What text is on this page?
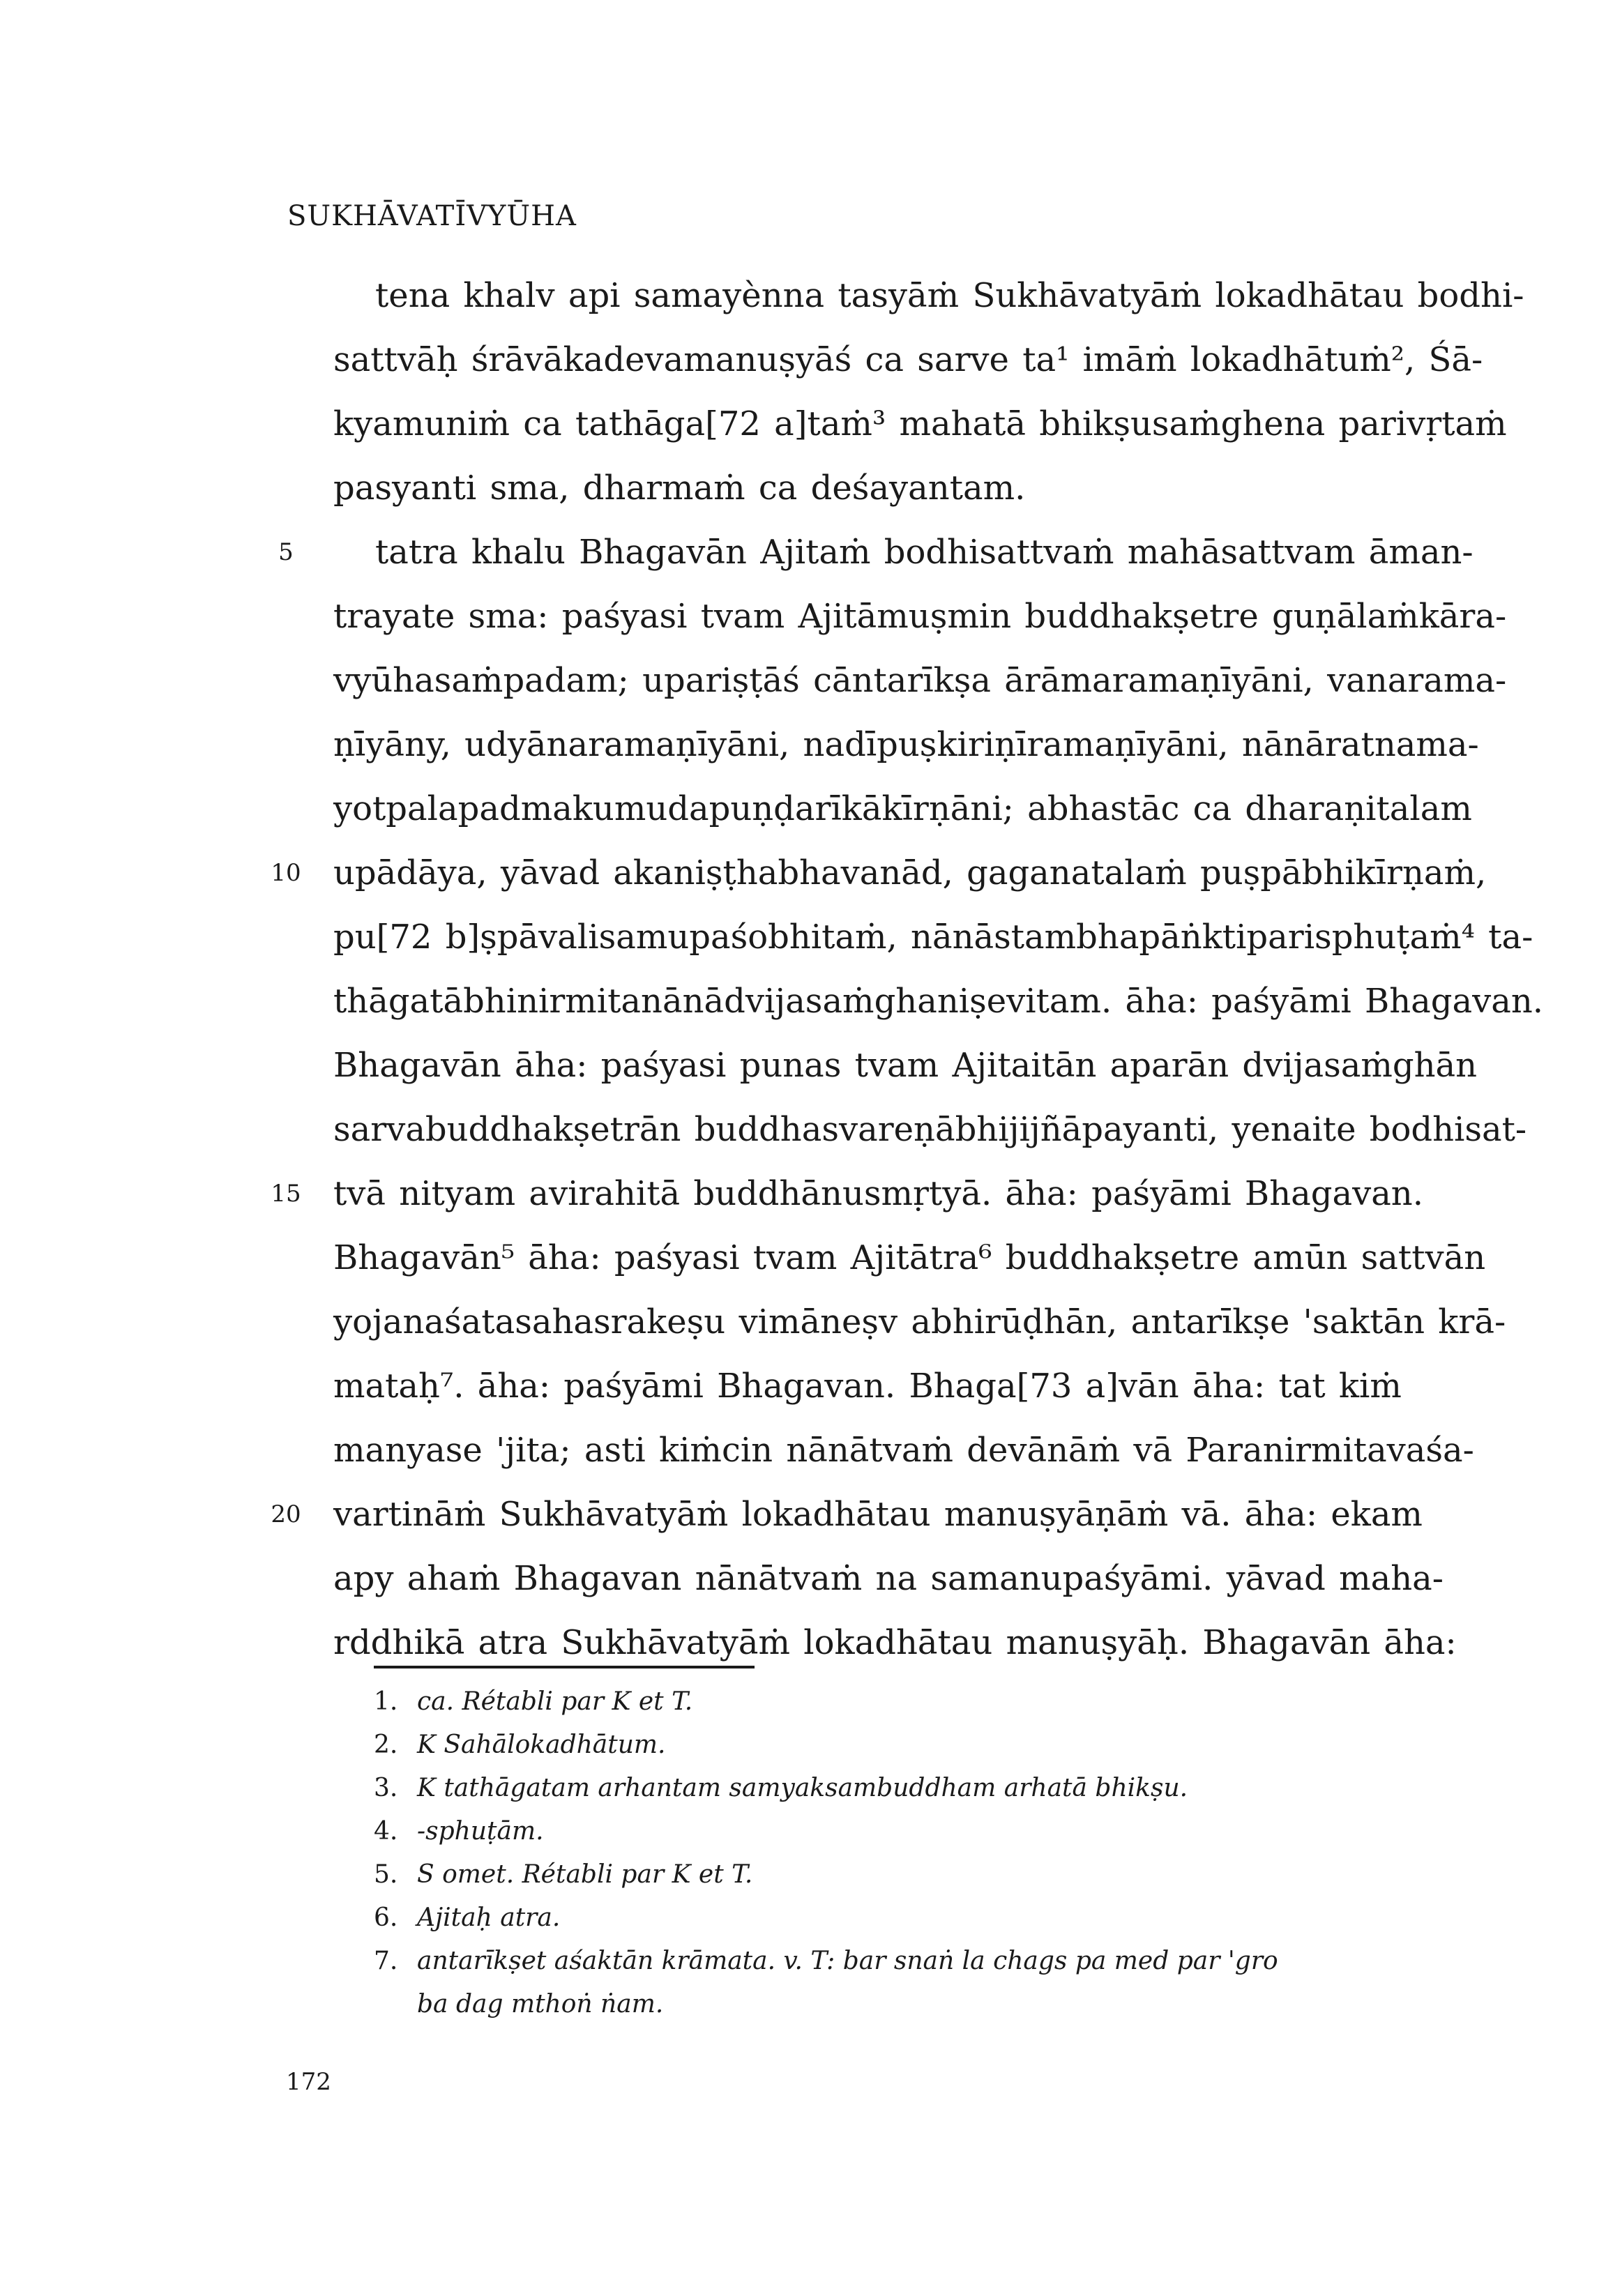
SUKHĀVATĪVYŪHA
5
10
15
20
tena khalv api samayènna tasyāṁ Sukhāvatyāṁ lokadhātau bodhi-
sattvāḥ śrāvākadevamanuṣyāś ca sarve ta¹ imāṁ lokadhātuṁ², Śā-
kyamuniṁ ca tathāga[72 a]taṁ³ mahatā bhikṣusaṁghena parivṛtaṁ
pasyanti sma, dharmaṁ ca deśayantam.
tatra khalu Bhagavān Ajitaṁ bodhisattvaṁ mahāsattvam āman-
trayate sma: paśyasi tvam Ajitāmuṣmin buddhakṣetre guṇālaṁkāra-
vyūhasaṁpadam; upariṣṭāś cāntarīkṣa ārāmaramaṇīyāni, vanarama-
ṇīyāny, udyānaramaṇīyāni, nadīpuṣkiriṇīramaṇīyāni, nānāratnama-
yotpalapadmakumudapuṇḍarīkākīrṇāni; abhastāc ca dharaṇitalam
upādāya, yāvad akaniṣṭhabhavanād, gaganatalaṁ puṣpābhikīrṇaṁ,
pu[72 b]ṣpāvalisamupaśobhitaṁ, nānāstambhapāṅktiparisphuṭaṁ⁴ ta-
thāgatābhinirmitanānādvijasaṁghaniṣevitam. āha: paśyāmi Bhagavan.
Bhagavān āha: paśyasi punas tvam Ajitaitān aparān dvijasaṁghān
sarvabuddhakṣetrān buddhasvareṇābhijijñāpayanti, yenaite bodhisat-
tvā nityam avirahitā buddhānusmṛtyā. āha: paśyāmi Bhagavan.
Bhagavān⁵ āha: paśyasi tvam Ajitātra⁶ buddhakṣetre amūn sattvān
yojanaśatasahasrakeṣu vimāneṣv abhirūḍhān, antarīkṣe 'saktān krā-
mataḥ⁷. āha: paśyāmi Bhagavan. Bhaga[73 a]vān āha: tat kiṁ
manyase 'jita; asti kiṁcin nānātvaṁ devānāṁ vā Paranirmitavaśa-
vartināṁ Sukhāvatyāṁ lokadhātau manuṣyāṇāṁ vā. āha: ekam
apy ahaṁ Bhagavan nānātvaṁ na samanupaśyāmi. yāvad maha-
rddhikā atra Sukhāvatyāṁ lokadhātau manuṣyāḥ. Bhagavān āha:
1. ca. Rétabli par K et T.
2. K Sahālokadhātum.
3. K tathāgatam arhantam samyaksambuddham arhatā bhikṣu.
4. -sphuṭām.
5. S omet. Rétabli par K et T.
6. Ajitaḥ atra.
7. antarīkṣet aśaktān krāmata. v. T: bar snaṅ la chags pa med par 'gro
ba dag mthoṅ ṅam.
172
